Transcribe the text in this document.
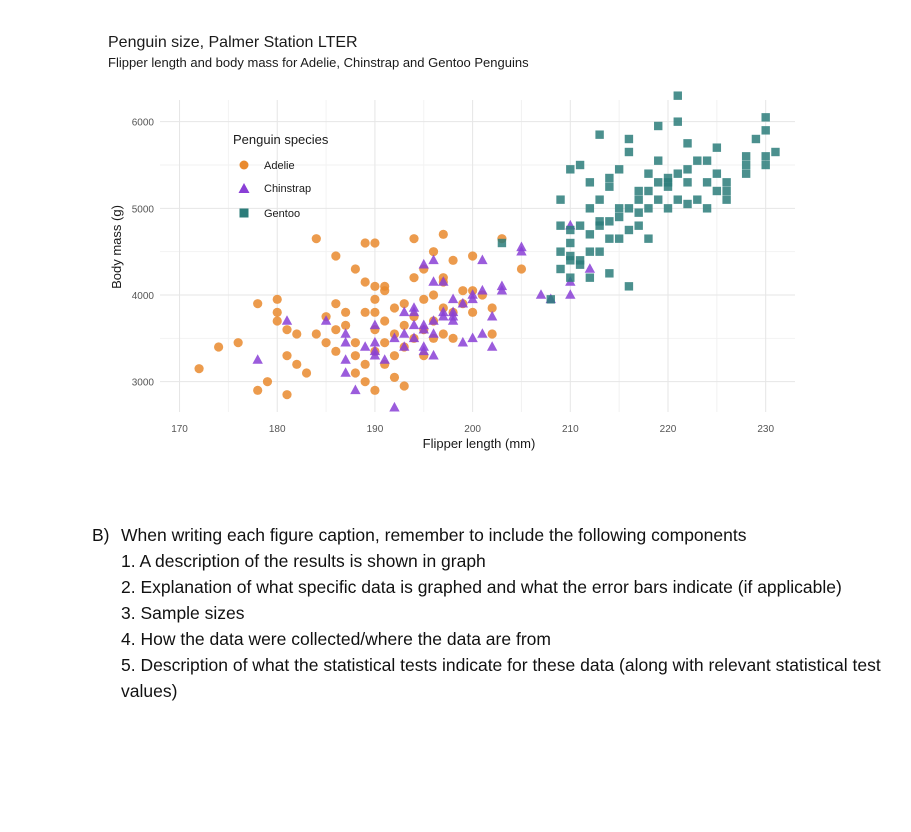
Penguin size, Palmer Station LTER
Flipper length and body mass for Adelie, Chinstrap and Gentoo Penguins
170	180	190	200	210	220	230
3000
4000
5000
6000
Flipper length (mm)
Body mass (g)
Penguin species
Adelie
Chinstrap
Gentoo
B) When writing each figure caption, remember to include the following components
1. A description of the results is shown in graph
2. Explanation of what specific data is graphed and what the error bars indicate (if applicable)
3. Sample sizes
4. How the data were collected/where the data are from
5. Description of what the statistical tests indicate for these data (along with relevant statistical test values)
